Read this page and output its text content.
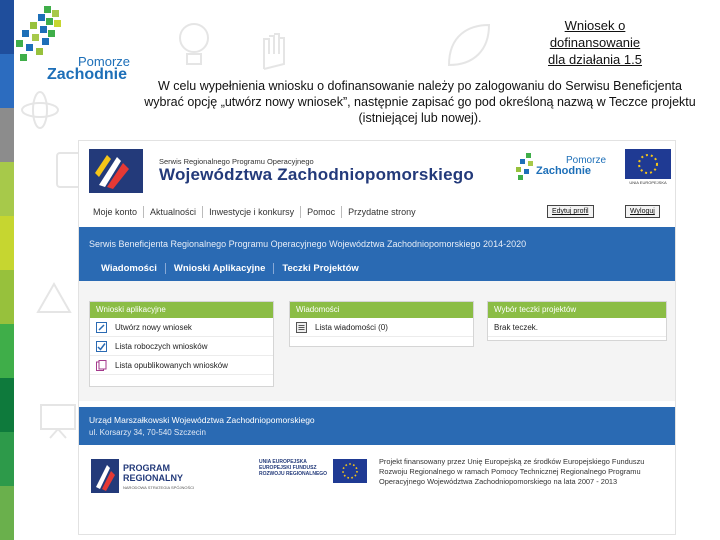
Pomorze
Zachodnie
Wniosek o
dofinansowanie
dla działania 1.5
W celu wypełnienia wniosku o dofinansowanie należy po zalogowaniu do Serwisu Beneficjenta wybrać opcję „utwórz nowy wniosek”, następnie zapisać go pod określoną nazwą w Teczce projektu (istniejącej lub nowej).
Serwis Regionalnego Programu Operacyjnego
Województwa Zachodniopomorskiego
Pomorze
Zachodnie
UNIA EUROPEJSKA
Moje konto	Aktualności	Inwestycje i konkursy	Pomoc	Przydatne strony	Edytuj profil	Wyloguj
Serwis Beneficjenta Regionalnego Programu Operacyjnego Województwa Zachodniopomorskiego 2014-2020
Wiadomości	Wnioski Aplikacyjne	Teczki Projektów
Wnioski aplikacyjne
Utwórz nowy wniosek
Lista roboczych wniosków
Lista opublikowanych wniosków
Wiadomości
Lista wiadomości (0)
Wybór teczki projektów
Brak teczek.
Urząd Marszałkowski Województwa Zachodniopomorskiego
ul. Korsarzy 34, 70-540 Szczecin
PROGRAM
REGIONALNY
NARODOWA STRATEGIA SPÓJNOŚCI
UNIA EUROPEJSKA
EUROPEJSKI FUNDUSZ
ROZWOJU REGIONALNEGO
Projekt finansowany przez Unię Europejską ze środków Europejskiego Funduszu Rozwoju Regionalnego w ramach Pomocy Technicznej Regionalnego Programu Operacyjnego Województwa Zachodniopomorskiego na lata 2007 - 2013
